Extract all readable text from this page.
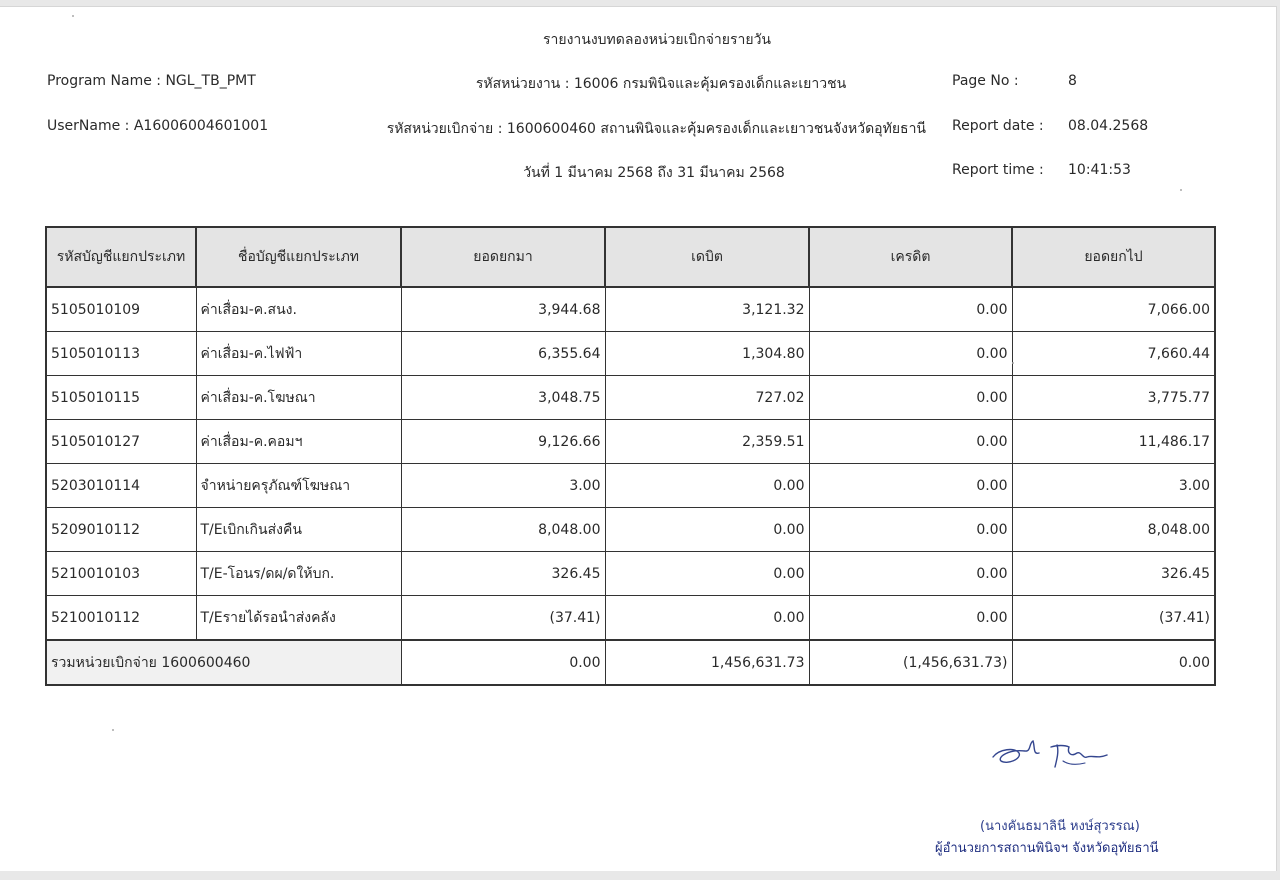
รายงานงบทดลองหน่วยเบิกจ่ายรายวัน
Program Name : NGL_TB_PMT
UserName : A16006004601001
รหัสหน่วยงาน : 16006 กรมพินิจและคุ้มครองเด็กและเยาวชน
รหัสหน่วยเบิกจ่าย : 1600600460 สถานพินิจและคุ้มครองเด็กและเยาวชนจังหวัดอุทัยธานี
วันที่ 1 มีนาคม 2568 ถึง 31 มีนาคม 2568
Page No :	8
Report date : 08.04.2568
Report time : 10:41:53
รหัสบัญชีแยกประเภท	ชื่อบัญชีแยกประเภท	ยอดยกมา	เดบิต	เครดิต	ยอดยกไป
5105010109	ค่าเสื่อม-ค.สนง.	3,944.68	3,121.32	0.00	7,066.00
5105010113	ค่าเสื่อม-ค.ไฟฟ้า	6,355.64	1,304.80	0.00	7,660.44
5105010115	ค่าเสื่อม-ค.โฆษณา	3,048.75	727.02	0.00	3,775.77
5105010127	ค่าเสื่อม-ค.คอมฯ	9,126.66	2,359.51	0.00	11,486.17
5203010114	จำหน่ายครุภัณฑ์โฆษณา	3.00	0.00	0.00	3.00
5209010112	T/Eเบิกเกินส่งคืน	8,048.00	0.00	0.00	8,048.00
5210010103	T/E-โอนร/ดผ/ดให้บก.	326.45	0.00	0.00	326.45
5210010112	T/Eรายได้รอนำส่งคลัง	(37.41)	0.00	0.00	(37.41)
รวมหน่วยเบิกจ่าย 1600600460		0.00	1,456,631.73	(1,456,631.73)	0.00
(นางคันธมาลินี หงษ์สุวรรณ)
ผู้อำนวยการสถานพินิจฯ จังหวัดอุทัยธานี
